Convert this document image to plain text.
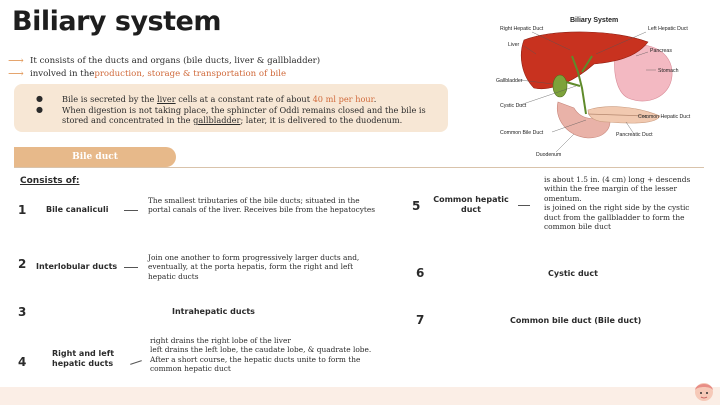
Biliary system
⟶ It consists of the ducts and organs (bile ducts, liver & gallbladder)
⟶ involved in the production, storage & transportation of bile
● Bile is secreted by the liver cells at a constant rate of about 40 ml per hour.
● When digestion is not taking place, the sphincter of Oddi remains closed and the bile is
stored and concentrated in the gallbladder; later, it is delivered to the duodenum.
Biliary System
Right Hepatic Duct	Left Hepatic Duct
Liver
Pancreas
Stomach
Gallbladder
Cystic Duct
Common Hepatic Duct
Common Bile Duct	Pancreatic Duct
Duodenum
Bile duct
Consists of:
1 Bile canaliculi
The smallest tributaries of the bile ducts; situated in the portal canals of the liver. Receives bile from the hepatocytes
2 Interlobular ducts
Join one another to form progressively larger ducts and, eventually, at the porta hepatis, form the right and left hepatic ducts
3	Intrahepatic ducts
4
Right and left hepatic ducts
right drains the right lobe of the liver
left drains the left lobe, the caudate lobe, & quadrate lobe.
After a short course, the hepatic ducts unite to form the common hepatic duct
5 Common hepatic duct
is about 1.5 in. (4 cm) long + descends within the free margin of the lesser omentum.
is joined on the right side by the cystic duct from the gallbladder to form the common bile duct
6	Cystic duct
7	Common bile duct (Bile duct)
